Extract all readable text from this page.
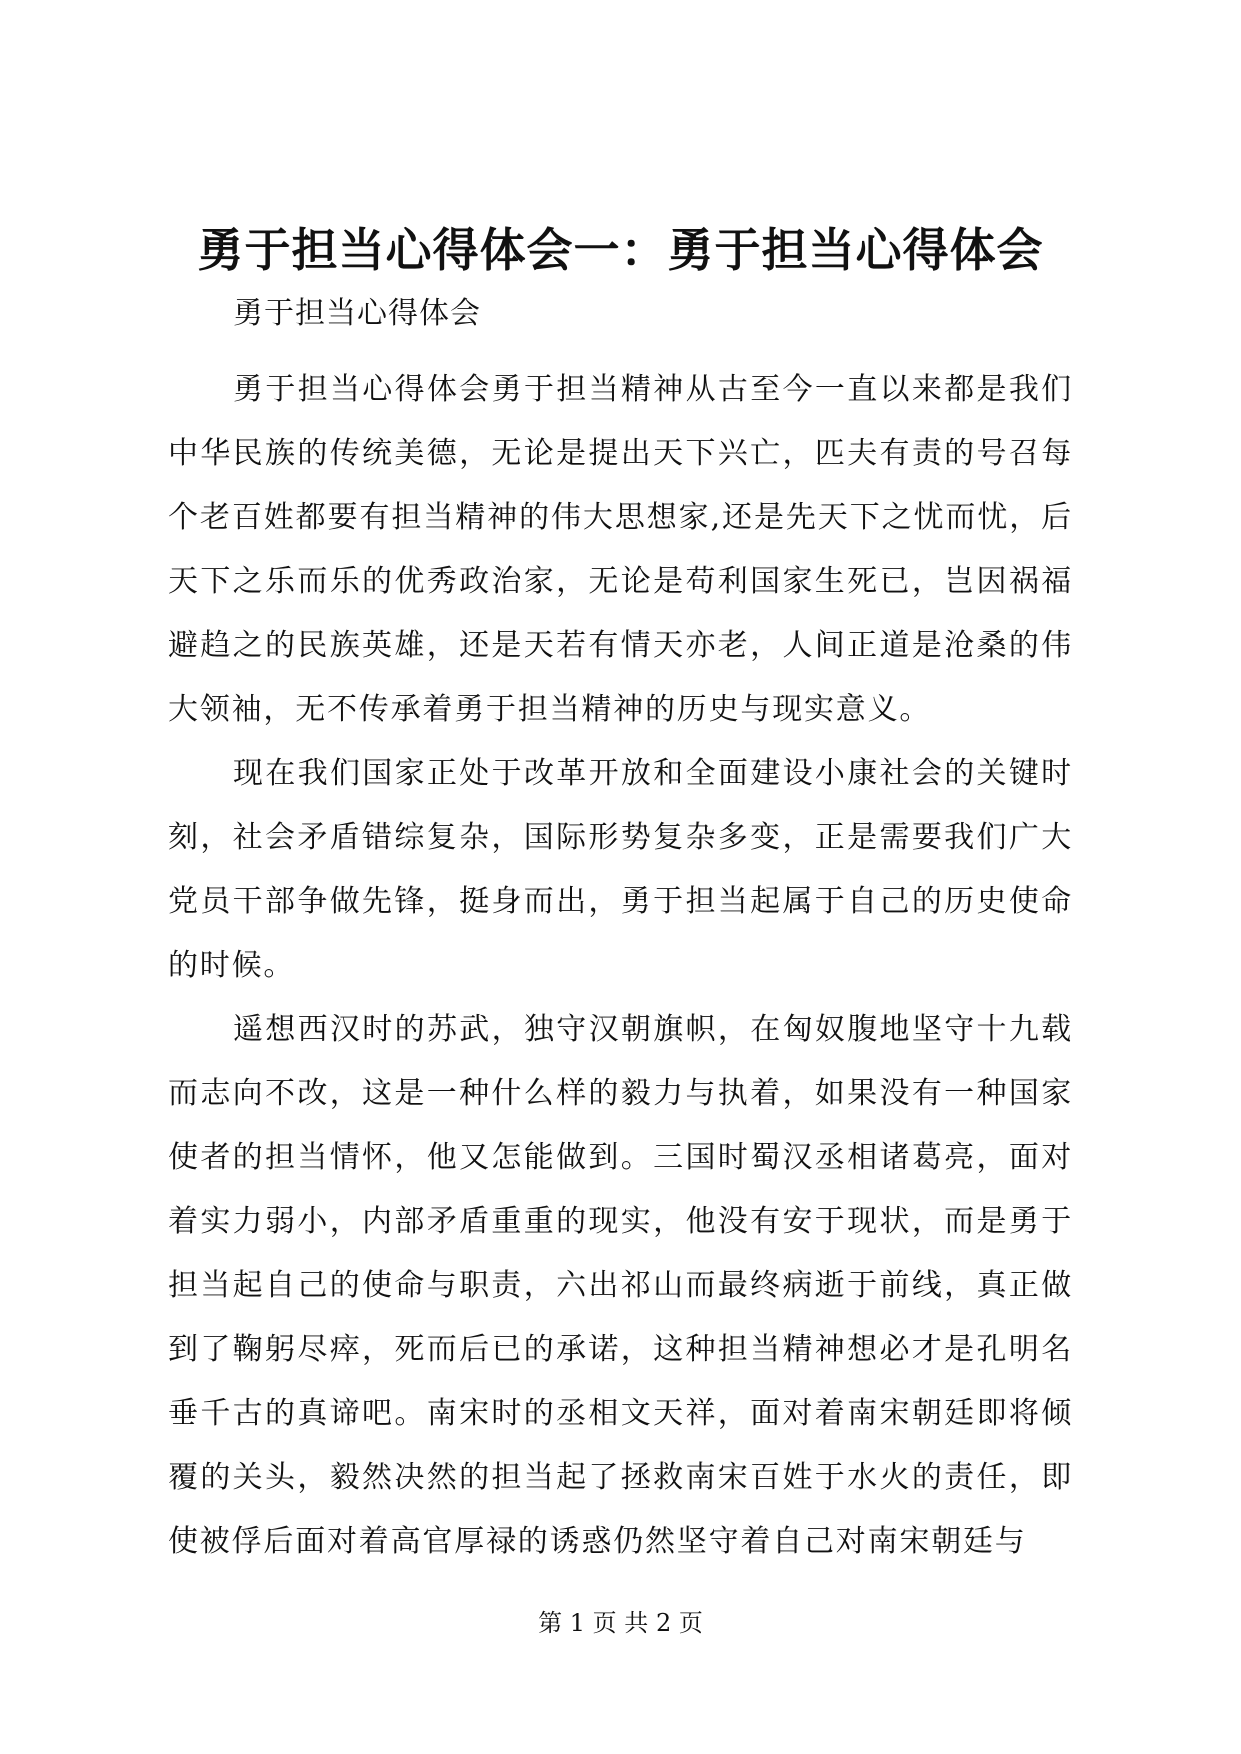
勇于担当心得体会一：勇于担当心得体会

勇于担当心得体会

勇于担当心得体会勇于担当精神从古至今一直以来都是我们中华民族的传统美德，无论是提出天下兴亡，匹夫有责的号召每个老百姓都要有担当精神的伟大思想家,还是先天下之忧而忧，后天下之乐而乐的优秀政治家，无论是苟利国家生死已，岂因祸福避趋之的民族英雄，还是天若有情天亦老，人间正道是沧桑的伟大领袖，无不传承着勇于担当精神的历史与现实意义。

现在我们国家正处于改革开放和全面建设小康社会的关键时刻，社会矛盾错综复杂，国际形势复杂多变，正是需要我们广大党员干部争做先锋，挺身而出，勇于担当起属于自己的历史使命的时候。

遥想西汉时的苏武，独守汉朝旗帜，在匈奴腹地坚守十九载而志向不改，这是一种什么样的毅力与执着，如果没有一种国家使者的担当情怀，他又怎能做到。三国时蜀汉丞相诸葛亮，面对着实力弱小，内部矛盾重重的现实，他没有安于现状，而是勇于担当起自己的使命与职责，六出祁山而最终病逝于前线，真正做到了鞠躬尽瘁，死而后已的承诺，这种担当精神想必才是孔明名垂千古的真谛吧。南宋时的丞相文天祥，面对着南宋朝廷即将倾覆的关头，毅然决然的担当起了拯救南宋百姓于水火的责任，即使被俘后面对着高官厚禄的诱惑仍然坚守着自己对南宋朝廷与

第 1 页 共 2 页
